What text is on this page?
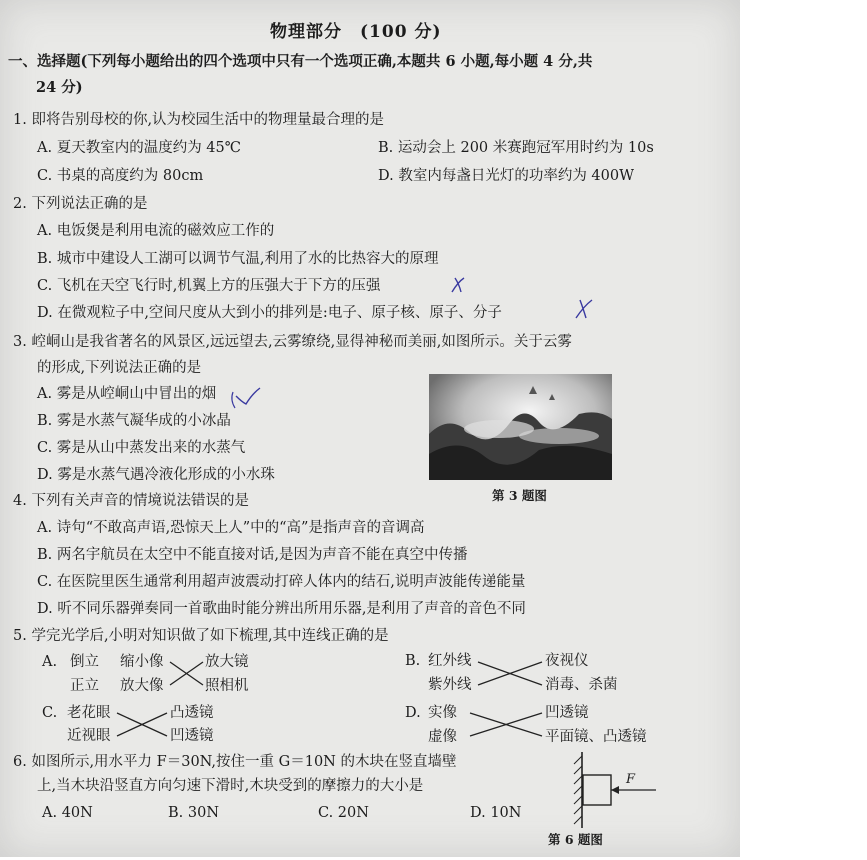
物理部分　(100 分)
一、选择题(下列每小题给出的四个选项中只有一个选项正确,本题共 6 小题,每小题 4 分,共
24 分)
1. 即将告别母校的你,认为校园生活中的物理量最合理的是
A. 夏天教室内的温度约为 45℃	B. 运动会上 200 米赛跑冠军用时约为 10s
C. 书桌的高度约为 80cm	D. 教室内每盏日光灯的功率约为 400W
2. 下列说法正确的是
A. 电饭煲是利用电流的磁效应工作的
B. 城市中建设人工湖可以调节气温,利用了水的比热容大的原理
C. 飞机在天空飞行时,机翼上方的压强大于下方的压强
D. 在微观粒子中,空间尺度从大到小的排列是:电子、原子核、原子、分子
3. 崆峒山是我省著名的风景区,远远望去,云雾缭绕,显得神秘而美丽,如图所示。关于云雾
的形成,下列说法正确的是
A. 雾是从崆峒山中冒出的烟
B. 雾是水蒸气凝华成的小冰晶
C. 雾是从山中蒸发出来的水蒸气
D. 雾是水蒸气遇冷液化形成的小水珠
第 3 题图
4. 下列有关声音的情境说法错误的是
A. 诗句“不敢高声语,恐惊天上人”中的“高”是指声音的音调高
B. 两名宇航员在太空中不能直接对话,是因为声音不能在真空中传播
C. 在医院里医生通常利用超声波震动打碎人体内的结石,说明声波能传递能量
D. 听不同乐器弹奏同一首歌曲时能分辨出所用乐器,是利用了声音的音色不同
5. 学完光学后,小明对知识做了如下梳理,其中连线正确的是
A. 倒立 缩小像	放大镜
正立 放大像	照相机
B. 红外线	夜视仪
紫外线	消毒、杀菌
C. 老花眼	凸透镜
近视眼	凹透镜
D. 实像	凹透镜
虚像	平面镜、凸透镜
6. 如图所示,用水平力 F＝30N,按住一重 G＝10N 的木块在竖直墙壁
上,当木块沿竖直方向匀速下滑时,木块受到的摩擦力的大小是
A. 40N	B. 30N	C. 20N	D. 10N
F
第 6 题图
